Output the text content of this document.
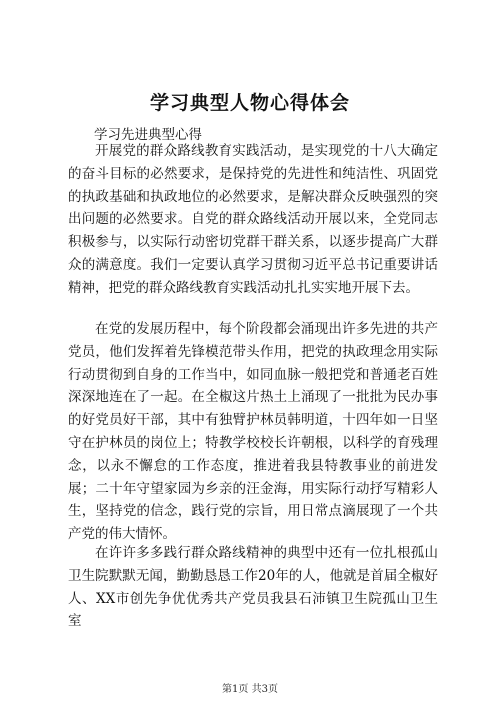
学习典型人物心得体会
学习先进典型心得

开展党的群众路线教育实践活动，是实现党的十八大确定的奋斗目标的必然要求，是保持党的先进性和纯洁性、巩固党的执政基础和执政地位的必然要求，是解决群众反映强烈的突出问题的必然要求。自党的群众路线活动开展以来，全党同志积极参与，以实际行动密切党群干群关系，以逐步提高广大群众的满意度。我们一定要认真学习贯彻习近平总书记重要讲话精神，把党的群众路线教育实践活动扎扎实实地开展下去。

在党的发展历程中，每个阶段都会涌现出许多先进的共产党员，他们发挥着先锋模范带头作用，把党的执政理念用实际行动贯彻到自身的工作当中，如同血脉一般把党和普通老百姓深深地连在了一起。在全椒这片热土上涌现了一批批为民办事的好党员好干部，其中有独臂护林员韩明道，十四年如一日坚守在护林员的岗位上；特教学校校长许朝根，以科学的育残理念，以永不懈怠的工作态度，推进着我县特教事业的前进发展；二十年守望家园为乡亲的汪金海，用实际行动抒写精彩人生，坚持党的信念，践行党的宗旨，用日常点滴展现了一个共产党的伟大情怀。

在许许多多践行群众路线精神的典型中还有一位扎根孤山卫生院默默无闻，勤勤恳恳工作20年的人，他就是首届全椒好人、XX市创先争优优秀共产党员我县石沛镇卫生院孤山卫生室

第1页 共3页
